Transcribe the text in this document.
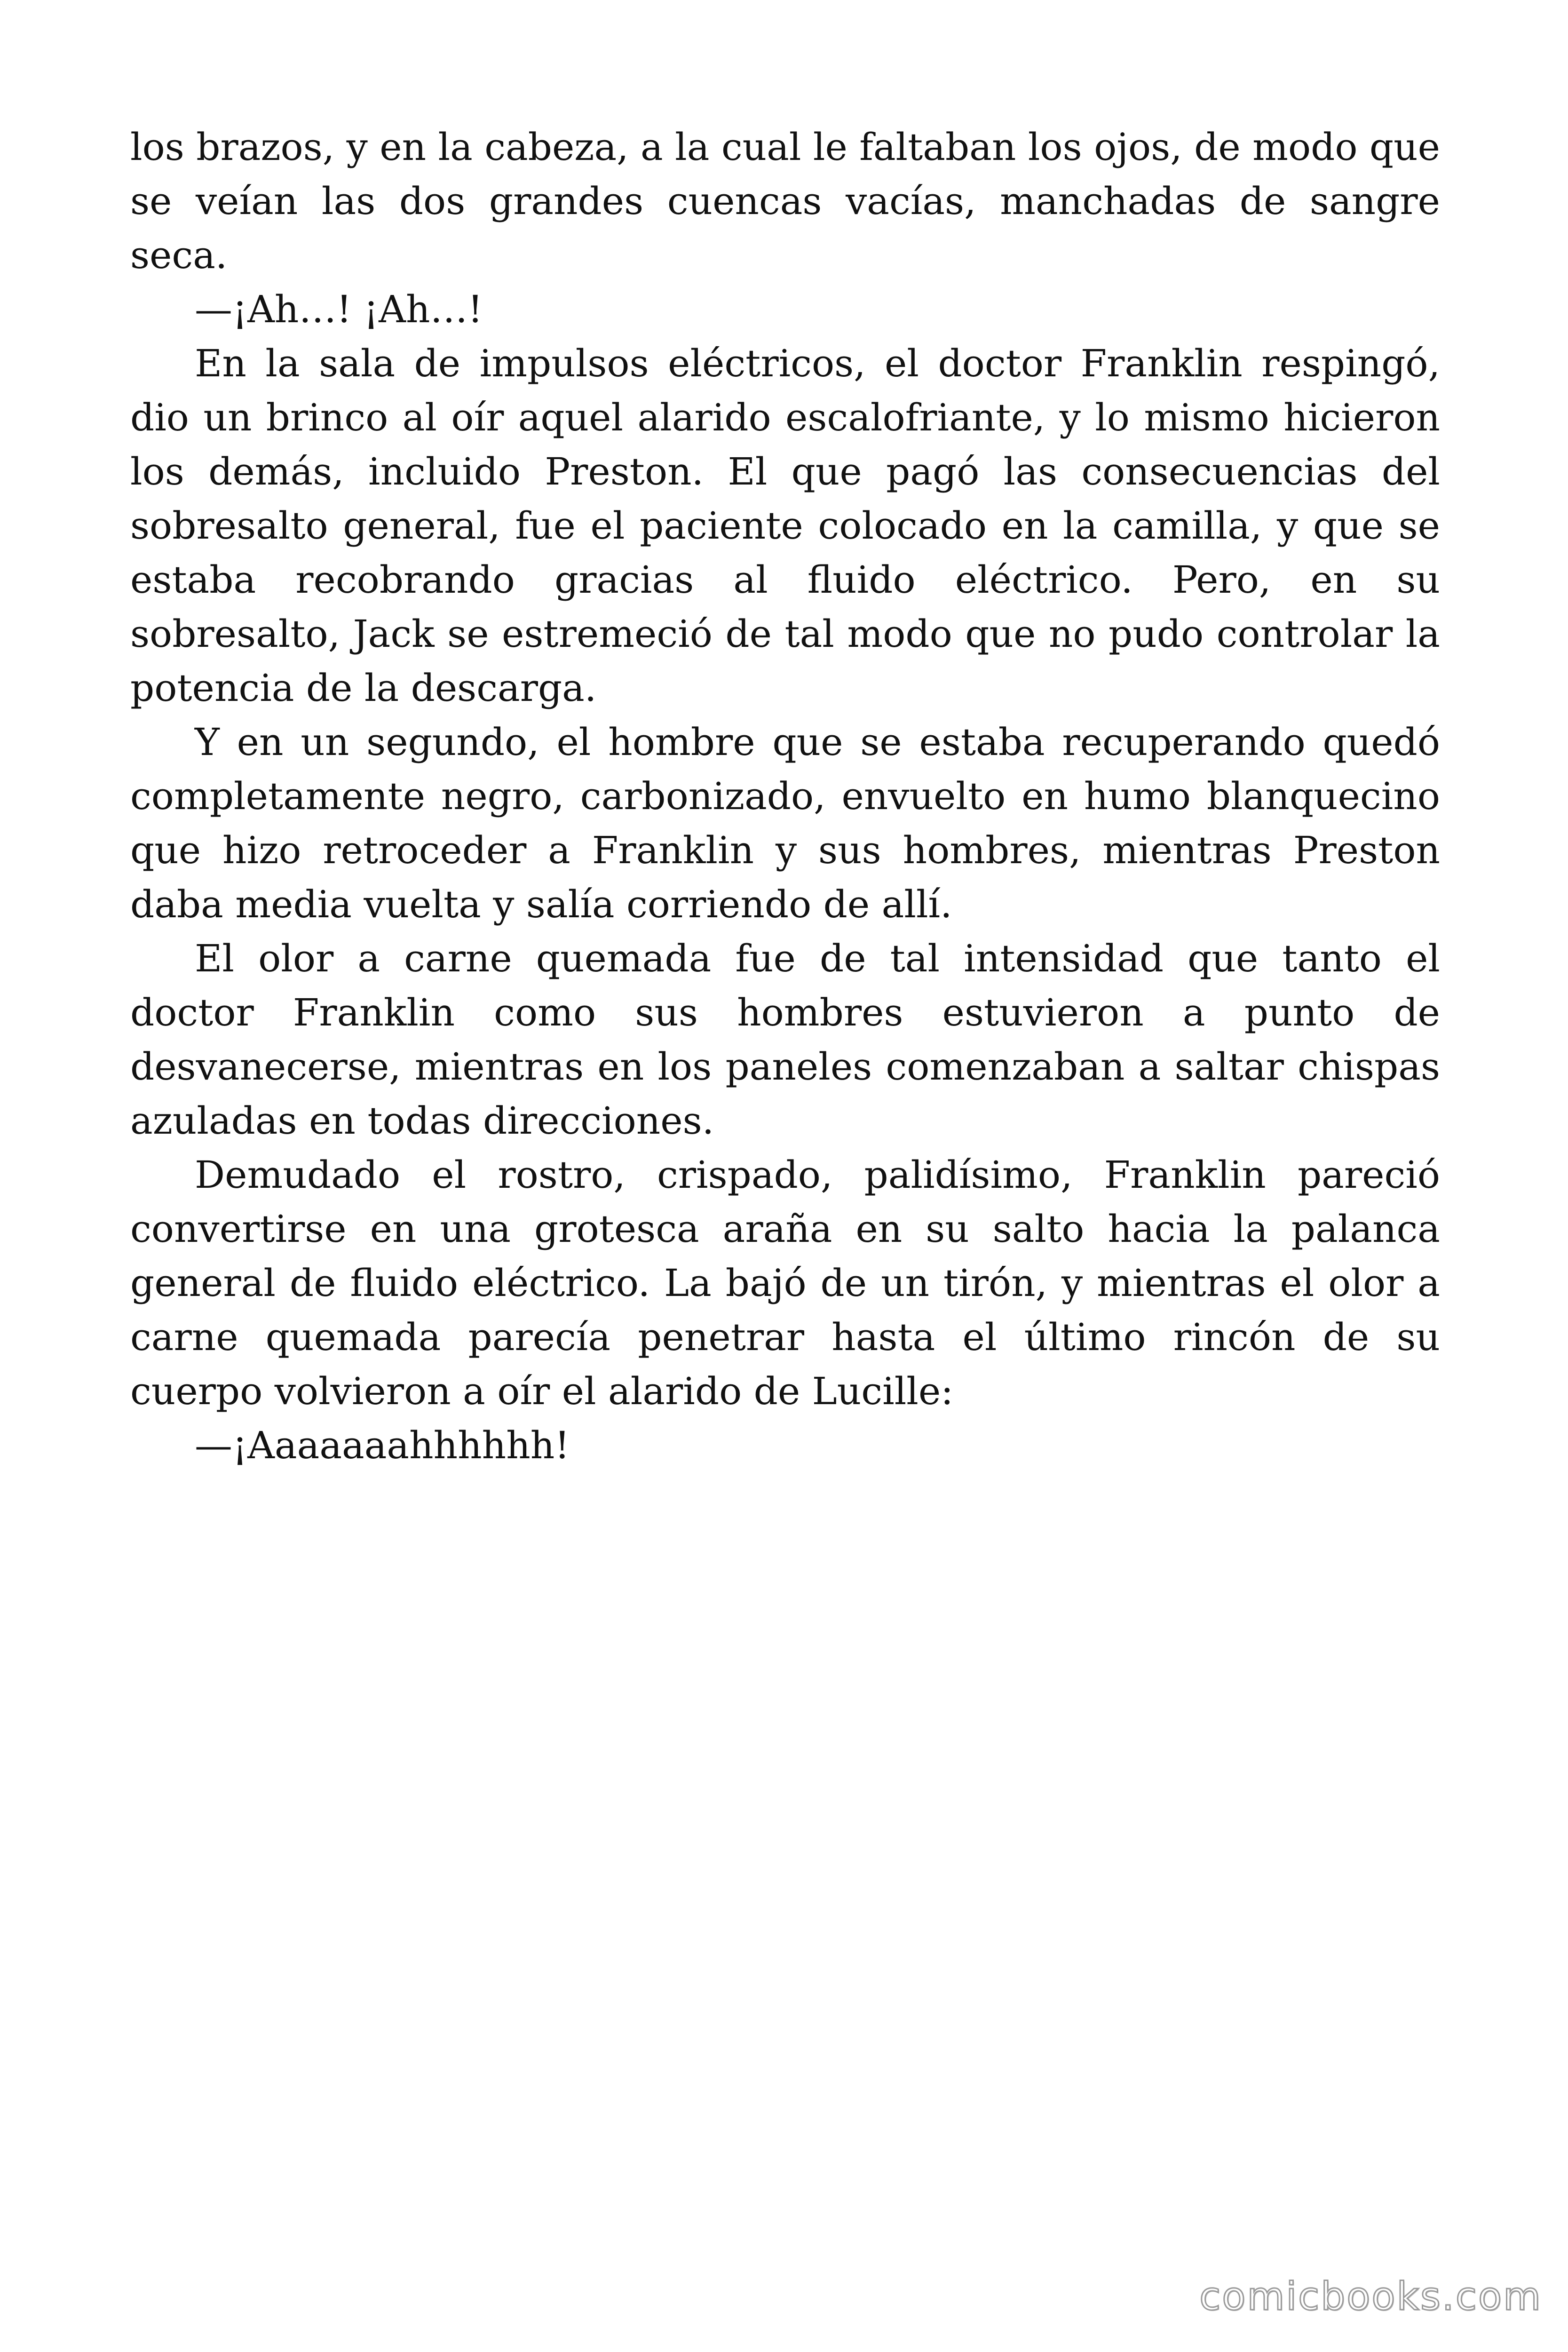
los brazos, y en la cabeza, a la cual le faltaban los ojos, de modo que se veían las dos grandes cuencas vacías, manchadas de sangre seca.

—¡Ah…! ¡Ah…!

En la sala de impulsos eléctricos, el doctor Franklin respingó, dio un brinco al oír aquel alarido escalofriante, y lo mismo hicieron los demás, incluido Preston. El que pagó las consecuencias del sobresalto general, fue el paciente colocado en la camilla, y que se estaba recobrando gracias al fluido eléctrico. Pero, en su sobresalto, Jack se estremeció de tal modo que no pudo controlar la potencia de la descarga.

Y en un segundo, el hombre que se estaba recuperando quedó completamente negro, carbonizado, envuelto en humo blanquecino que hizo retroceder a Franklin y sus hombres, mientras Preston daba media vuelta y salía corriendo de allí.

El olor a carne quemada fue de tal intensidad que tanto el doctor Franklin como sus hombres estuvieron a punto de desvanecerse, mientras en los paneles comenzaban a saltar chispas azuladas en todas direcciones.

Demudado el rostro, crispado, palidísimo, Franklin pareció convertirse en una grotesca araña en su salto hacia la palanca general de fluido eléctrico. La bajó de un tirón, y mientras el olor a carne quemada parecía penetrar hasta el último rincón de su cuerpo volvieron a oír el alarido de Lucille:

—¡Aaaaaaahhhhhh!

comicbooks.com
